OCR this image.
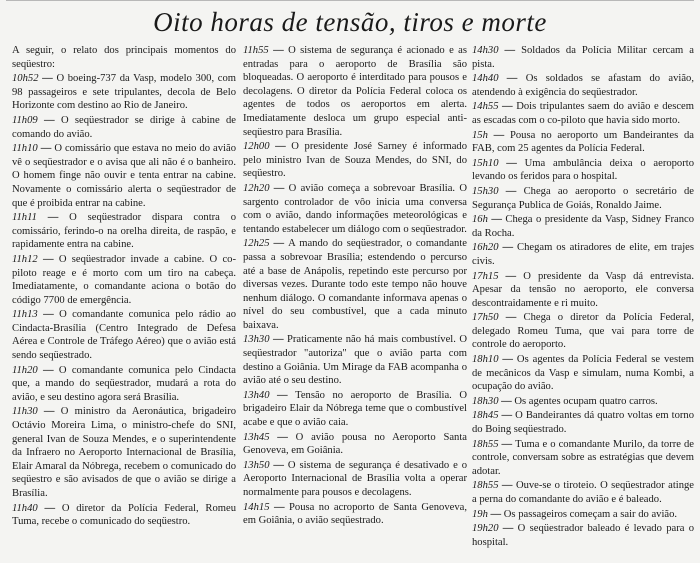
Oito horas de tensão, tiros e morte

A seguir, o relato dos principais momentos do seqüestro:

10h52 — O boeing-737 da Vasp, modelo 300, com 98 passageiros e sete tripulantes, decola de Belo Horizonte com destino ao Rio de Janeiro.

11h09 — O seqüestrador se dirige à cabine de comando do avião.

11h10 — O comissário que estava no meio do avião vê o seqüestrador e o avisa que ali não é o banheiro. O homem finge não ouvir e tenta entrar na cabine. Novamente o comissário alerta o seqüestrador de que é proibida entrar na cabine.

11h11 — O seqüestrador dispara contra o comissário, ferindo-o na orelha direita, de raspão, e rapidamente entra na cabine.

11h12 — O seqüestrador invade a cabine. O co-piloto reage e é morto com um tiro na cabeça. Imediatamente, o comandante aciona o botão do código 7700 de emergência.

11h13 — O comandante comunica pelo rádio ao Cindacta-Brasília (Centro Integrado de Defesa Aérea e Controle de Tráfego Aéreo) que o avião está sendo seqüestrado.

11h20 — O comandante comunica pelo Cindacta que, a mando do seqüestrador, mudará a rota do avião, e seu destino agora será Brasília.

11h30 — O ministro da Aeronáutica, brigadeiro Octávio Moreira Lima, o ministro-chefe do SNI, general Ivan de Souza Mendes, e o superintendente da Infraero no Aeroporto Internacional de Brasília, Elair Amaral da Nóbrega, recebem o comunicado do seqüestro e são avisados de que o avião se dirige a Brasília.

11h40 — O diretor da Polícia Federal, Romeu Tuma, recebe o comunicado do seqüestro.

11h55 — O sistema de segurança é acionado e as entradas para o aeroporto de Brasília são bloqueadas. O aeroporto é interditado para pousos e decolagens. O diretor da Polícia Federal coloca os agentes de todos os aeroportos em alerta. Imediatamente desloca um grupo especial anti-seqüestro para Brasília.

12h00 — O presidente José Sarney é informado pelo ministro Ivan de Souza Mendes, do SNI, do seqüestro.

12h20 — O avião começa a sobrevoar Brasília. O sargento controlador de vôo inicia uma conversa com o avião, dando informações meteorológicas e tentando estabelecer um diálogo com o seqüestrador.

12h25 — A mando do seqüestrador, o comandante passa a sobrevoar Brasília; estendendo o percurso até a base de Anápolis, repetindo este percurso por diversas vezes. Durante todo este tempo não houve nenhum diálogo. O comandante informava apenas o nível do seu combustível, que a cada minuto baixava.

13h30 — Praticamente não há mais combustível. O seqüestrador "autoriza" que o avião parta com destino a Goiânia. Um Mirage da FAB acompanha o avião até o seu destino.

13h40 — Tensão no aeroporto de Brasília. O brigadeiro Elair da Nóbrega teme que o combustível acabe e que o avião caia.

13h45 — O avião pousa no Aeroporto Santa Genoveva, em Goiânia.

13h50 — O sistema de segurança é desativado e o Aeroporto Internacional de Brasília volta a operar normalmente para pousos e decolagens.

14h15 — Pousa no acroporto de Santa Genoveva, em Goiânia, o avião seqüestrado.

14h30 — Soldados da Polícia Militar cercam a pista.

14h40 — Os soldados se afastam do avião, atendendo à exigência do seqüestrador.

14h55 — Dois tripulantes saem do avião e descem as escadas com o co-piloto que havia sido morto.

15h — Pousa no aeroporto um Bandeirantes da FAB, com 25 agentes da Polícia Federal.

15h10 — Uma ambulância deixa o aeroporto levando os feridos para o hospital.

15h30 — Chega ao aeroporto o secretário de Segurança Publica de Goiás, Ronaldo Jaime.

16h — Chega o presidente da Vasp, Sidney Franco da Rocha.

16h20 — Chegam os atiradores de elite, em trajes civis.

17h15 — O presidente da Vasp dá entrevista. Apesar da tensão no aeroporto, ele conversa descontraidamente e ri muito.

17h50 — Chega o diretor da Polícia Federal, delegado Romeu Tuma, que vai para torre de controle do aeroporto.

18h10 — Os agentes da Polícia Federal se vestem de mecânicos da Vasp e simulam, numa Kombi, a ocupação do avião.

18h30 — Os agentes ocupam quatro carros.

18h45 — O Bandeirantes dá quatro voltas em torno do Boing seqüestrado.

18h55 — Tuma e o comandante Murilo, da torre de controle, conversam sobre as estratégias que devem adotar.

18h55 — Ouve-se o tiroteio. O seqüestrador atinge a perna do comandante do avião e é baleado.

19h — Os passageiros começam a sair do avião.

19h20 — O seqüestrador baleado é levado para o hospital.
